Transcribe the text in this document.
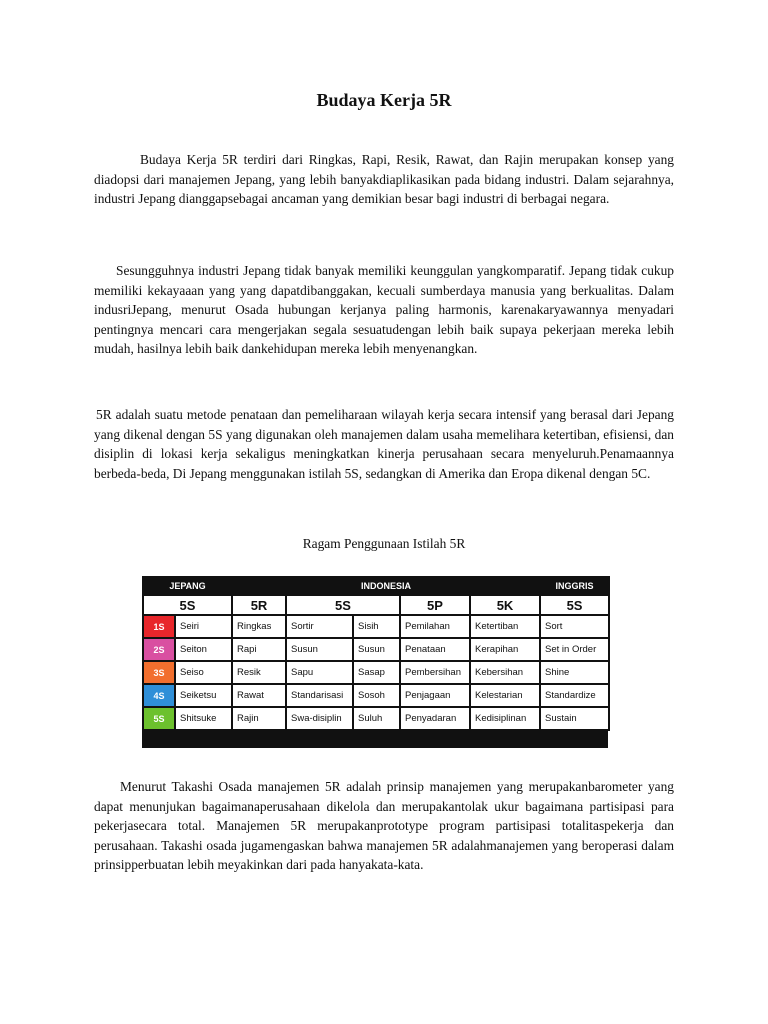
Budaya Kerja 5R

Budaya Kerja 5R terdiri dari Ringkas, Rapi, Resik, Rawat, dan Rajin merupakan konsep yang diadopsi dari manajemen Jepang, yang lebih banyakdiaplikasikan pada bidang industri. Dalam sejarahnya, industri Jepang dianggapsebagai ancaman yang demikian besar bagi industri di berbagai negara.

Sesungguhnya industri Jepang tidak banyak memiliki keunggulan yangkomparatif. Jepang tidak cukup memiliki kekayaaan yang yang dapatdibanggakan, kecuali sumberdaya manusia yang berkualitas. Dalam indusriJepang, menurut Osada hubungan kerjanya paling harmonis, karenakaryawannya menyadari pentingnya mencari cara mengerjakan segala sesuatudengan lebih baik supaya pekerjaan mereka lebih mudah, hasilnya lebih baik dankehidupan mereka lebih menyenangkan.

5R adalah suatu metode penataan dan pemeliharaan wilayah kerja secara intensif yang berasal dari Jepang yang dikenal dengan 5S yang digunakan oleh manajemen dalam usaha memelihara ketertiban, efisiensi, dan disiplin di lokasi kerja sekaligus meningkatkan kinerja perusahaan secara menyeluruh.Penamaannya berbeda-beda, Di Jepang menggunakan istilah 5S, sedangkan di Amerika dan Eropa dikenal dengan 5C.

Ragam Penggunaan Istilah 5R

JEPANG		INDONESIA					INGGRIS
5S		5R	5S		5P	5K	5S
1S	Seiri	Ringkas	Sortir	Sisih	Pemilahan	Ketertiban	Sort
2S	Seiton	Rapi	Susun	Susun	Penataan	Kerapihan	Set in Order
3S	Seiso	Resik	Sapu	Sasap	Pembersihan	Kebersihan	Shine
4S	Seiketsu	Rawat	Standarisasi	Sosoh	Penjagaan	Kelestarian	Standardize
5S	Shitsuke	Rajin	Swa-disiplin	Suluh	Penyadaran	Kedisiplinan	Sustain

Menurut Takashi Osada manajemen 5R adalah prinsip manajemen yang merupakanbarometer yang dapat menunjukan bagaimanaperusahaan dikelola dan merupakantolak ukur bagaimana partisipasi para pekerjasecara total. Manajemen 5R merupakanprototype program partisipasi totalitaspekerja dan perusahaan. Takashi osada jugamengaskan bahwa manajemen 5R adalahmanajemen yang beroperasi dalam prinsipperbuatan lebih meyakinkan dari pada hanyakata-kata.
